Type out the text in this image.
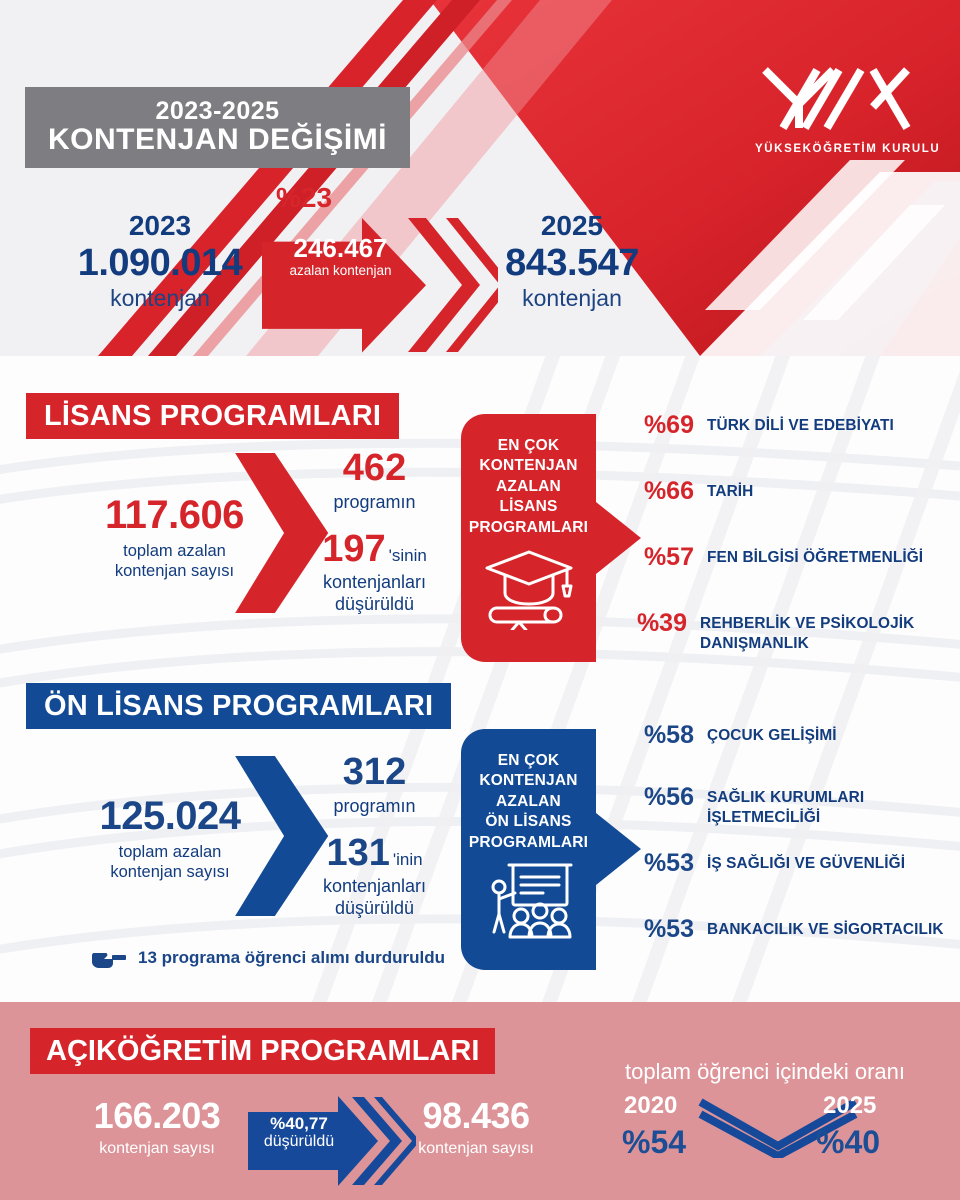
YÜKSEKÖĞRETİM KURULU
2023-2025
KONTENJAN DEĞİŞİMİ
2023
1.090.014
kontenjan
%23
246.467
azalan kontenjan
2025
843.547
kontenjan
LİSANS PROGRAMLARI
117.606
toplam azalan
kontenjan sayısı
462
programın
197 'sinin
kontenjanları
düşürüldü
EN ÇOK
KONTENJAN
AZALAN
LİSANS
PROGRAMLARI
%69 TÜRK DİLİ VE EDEBİYATI
%66 TARİH
%57 FEN BİLGİSİ ÖĞRETMENLİĞİ
%39 REHBERLİK VE PSİKOLOJİK DANIŞMANLIK
ÖN LİSANS PROGRAMLARI
125.024
toplam azalan
kontenjan sayısı
312
programın
131 'inin
kontenjanları
düşürüldü
EN ÇOK
KONTENJAN
AZALAN
ÖN LİSANS
PROGRAMLARI
%58 ÇOCUK GELİŞİMİ
%56 SAĞLIK KURUMLARI İŞLETMECİLİĞİ
%53 İŞ SAĞLIĞI VE GÜVENLİĞİ
%53 BANKACILIK VE SİGORTACILIK
13 programa öğrenci alımı durduruldu
AÇIKÖĞRETİM PROGRAMLARI
166.203
kontenjan sayısı
%40,77
düşürüldü
98.436
kontenjan sayısı
toplam öğrenci içindeki oranı
2020
%54
2025
%40
